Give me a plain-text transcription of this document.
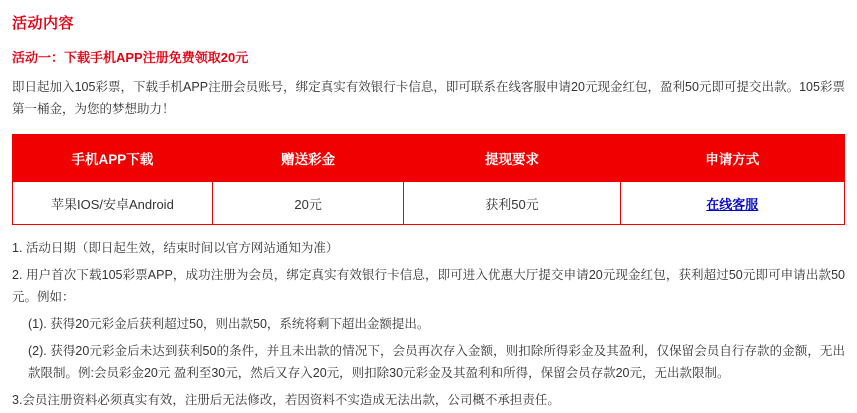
活动内容
活动一：下载手机APP注册免费领取20元
即日起加入105彩票，下载手机APP注册会员账号，绑定真实有效银行卡信息，即可联系在线客服申请20元现金红包，盈利50元即可提交出款。105彩票第一桶金，为您的梦想助力！
手机APP下载	赠送彩金	提现要求	申请方式
苹果IOS/安卓Android	20元	获利50元	在线客服
1. 活动日期（即日起生效，结束时间以官方网站通知为准）
2. 用户首次下载105彩票APP，成功注册为会员，绑定真实有效银行卡信息，即可进入优惠大厅提交申请20元现金红包，获利超过50元即可申请出款50元。例如：
(1). 获得20元彩金后获利超过50，则出款50，系统将剩下超出金额提出。
(2). 获得20元彩金后未达到获利50的条件，并且未出款的情况下，会员再次存入金额，则扣除所得彩金及其盈利，仅保留会员自行存款的金额，无出款限制。例:会员彩金20元 盈利至30元，然后又存入20元，则扣除30元彩金及其盈利和所得，保留会员存款20元，无出款限制。
3.会员注册资料必须真实有效，注册后无法修改，若因资料不实造成无法出款，公司概不承担责任。
